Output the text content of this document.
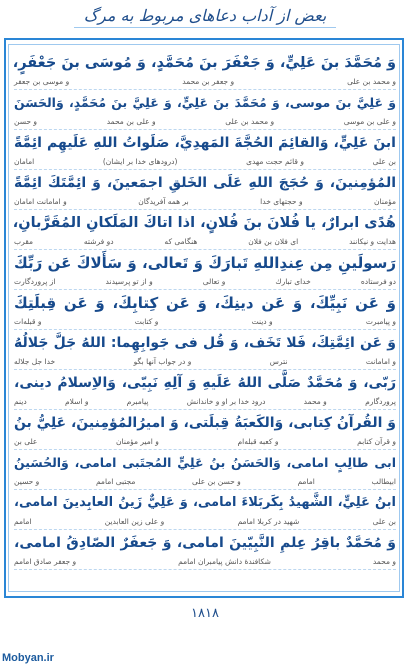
بعض از آداب دعاهای مربوط به مرگ
وَ مُحَمَّدَ بنَ عَلِيٍّ، وَ جَعْفَرَ بنَ مُحَمَّدٍ، وَ مُوسَى بنَ جَعْفَرٍ،
و محمد بن على
و جعفر بن محمد
و موسى بن جعفر
وَ عَلِيَّ بنَ موسى، وَ مُحَمَّدَ بنَ عَلِيٍّ، وَ عَلِيَّ بنَ مُحَمَّدٍ، وَالحَسَنَ
و على بن موسى
و محمد بن على
و على بن محمد
و حسن
ابنَ عَلِيٍّ، وَالقائِمَ الحُجَّةَ المَهدِيَّ، صَلَواتُ اللهِ عَلَيهِم ائِمَّةً
بن على
و قائم حجت مهدى
(درودهاى خدا بر ايشان)
امامان
المُؤمِنينَ، وَ حُجَجَ اللهِ عَلَى الخَلقِ اجمَعينَ، وَ ائِمَّتَكَ ائِمَّةً
مؤمنان
و حجتهاى خدا
بر همه آفريدگان
و امامانت امامان
هُدًى ابرارٌ، يا فُلانَ بنَ فُلانٍ، اذا اتاكَ المَلَكانِ المُقَرَّبانِ،
هدايت و نيكانند
اى فلان بن فلان
هنگامى كه
دو فرشته
مقرب
رَسولَينِ مِن عِندِاللهِ تَبارَكَ وَ تَعالى، وَ سَأَلاكَ عَن رَبِّكَ
دو فرستاده
خداى تبارك
و تعالى
و از تو پرسيدند
از پروردگارت
وَ عَن نَبِيِّكَ، وَ عَن دينِكَ، وَ عَن كِتابِكَ، وَ عَن قِبلَتِكَ
و پيامبرت
و دينت
و كتابت
و قبله‌ات
وَ عَن ائِمَّتِكَ، فَلا تَخَف، وَ قُل فى جَوابِهِما: اللهُ جَلَّ جَلالُهُ
و امامانت
نترس
و در جواب آنها بگو
خدا جل جلاله
رَبّى، وَ مُحَمَّدٌ صَلَّى اللهُ عَلَيهِ وَ آلِهِ نَبِيّى، وَالاِسلامُ دينى،
پروردگارم
و محمد
درود خدا بر او و خاندانش
پيامبرم
و اسلام
دينم
وَ القُرآنُ كِتابى، وَالكَعبَةُ قِبلَتى، وَ اميرُالمُؤمِنينَ، عَلِيُّ بنُ
و قرآن كتابم
و كعبه قبله‌ام
و امير مؤمنان
على بن
ابى طالِبٍ امامى، وَالحَسَنُ بنُ عَلِيٍّ المُجتَبى امامى، وَالحُسَينُ
ابيطالب
امامم
و حسن بن على
مجتبى امامم
و حسين
ابنُ عَلِيٍّ، الشَّهيدُ بِكَربَلاءَ امامى، وَ عَلِيٌّ زَينُ العابِدينَ امامى،
بن على
شهيد در كربلا امامم
و على زين العابدين
امامم
وَ مُحَمَّدٌ باقِرُ عِلمِ النَّبِيّينَ امامى، وَ جَعفَرٌ الصّادِقُ امامى،
و محمد
شكافندهٔ دانش پيامبران امامم
و جعفر صادق امامم
۱۸۱۸
Mobyan.ir
